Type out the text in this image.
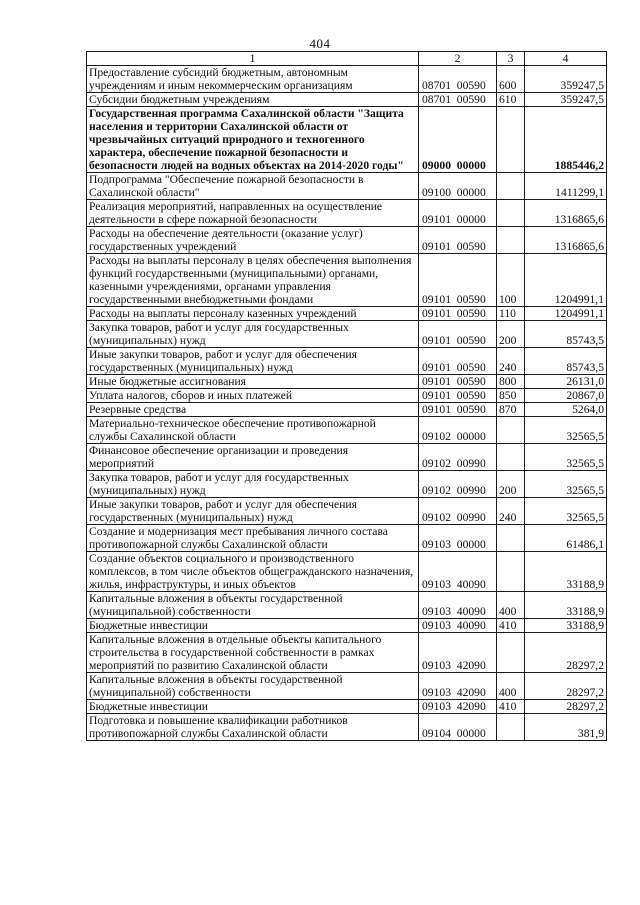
404
1	2	3	4
Предоставление субсидий бюджетным, автономным учреждениям и иным некоммерческим организациям	08701  00590	600	359247,5
Субсидии бюджетным учреждениям	08701  00590	610	359247,5
Государственная программа Сахалинской области "Защита населения и территории Сахалинской области от чрезвычайных ситуаций природного и техногенного характера, обеспечение пожарной безопасности и безопасности людей на водных объектах на 2014-2020 годы"	09000  00000		1885446,2
Подпрограмма "Обеспечение пожарной безопасности в Сахалинской области"	09100  00000		1411299,1
Реализация мероприятий, направленных на осуществление деятельности в сфере пожарной безопасности	09101  00000		1316865,6
Расходы на обеспечение деятельности (оказание услуг) государственных учреждений	09101  00590		1316865,6
Расходы на выплаты персоналу в целях обеспечения выполнения функций государственными (муниципальными) органами, казенными учреждениями, органами управления государственными внебюджетными фондами	09101  00590	100	1204991,1
Расходы на выплаты персоналу казенных учреждений	09101  00590	110	1204991,1
Закупка товаров, работ и услуг для государственных (муниципальных) нужд	09101  00590	200	85743,5
Иные закупки товаров, работ и услуг для обеспечения государственных (муниципальных) нужд	09101  00590	240	85743,5
Иные бюджетные ассигнования	09101  00590	800	26131,0
Уплата налогов, сборов и иных платежей	09101  00590	850	20867,0
Резервные средства	09101  00590	870	5264,0
Материально-техническое обеспечение противопожарной службы Сахалинской области	09102  00000		32565,5
Финансовое обеспечение организации и проведения мероприятий	09102  00990		32565,5
Закупка товаров, работ и услуг для государственных (муниципальных) нужд	09102  00990	200	32565,5
Иные закупки товаров, работ и услуг для обеспечения государственных (муниципальных) нужд	09102  00990	240	32565,5
Создание и модернизация мест пребывания личного состава противопожарной службы Сахалинской области	09103  00000		61486,1
Создание объектов социального и производственного комплексов, в том числе объектов общегражданского назначения, жилья, инфраструктуры, и иных объектов	09103  40090		33188,9
Капитальные вложения в объекты государственной (муниципальной) собственности	09103  40090	400	33188,9
Бюджетные инвестиции	09103  40090	410	33188,9
Капитальные вложения в отдельные объекты капитального строительства в государственной собственности в рамках мероприятий по развитию Сахалинской области	09103  42090		28297,2
Капитальные вложения в объекты государственной (муниципальной) собственности	09103  42090	400	28297,2
Бюджетные инвестиции	09103  42090	410	28297,2
Подготовка и повышение квалификации работников противопожарной службы Сахалинской области	09104  00000		381,9
